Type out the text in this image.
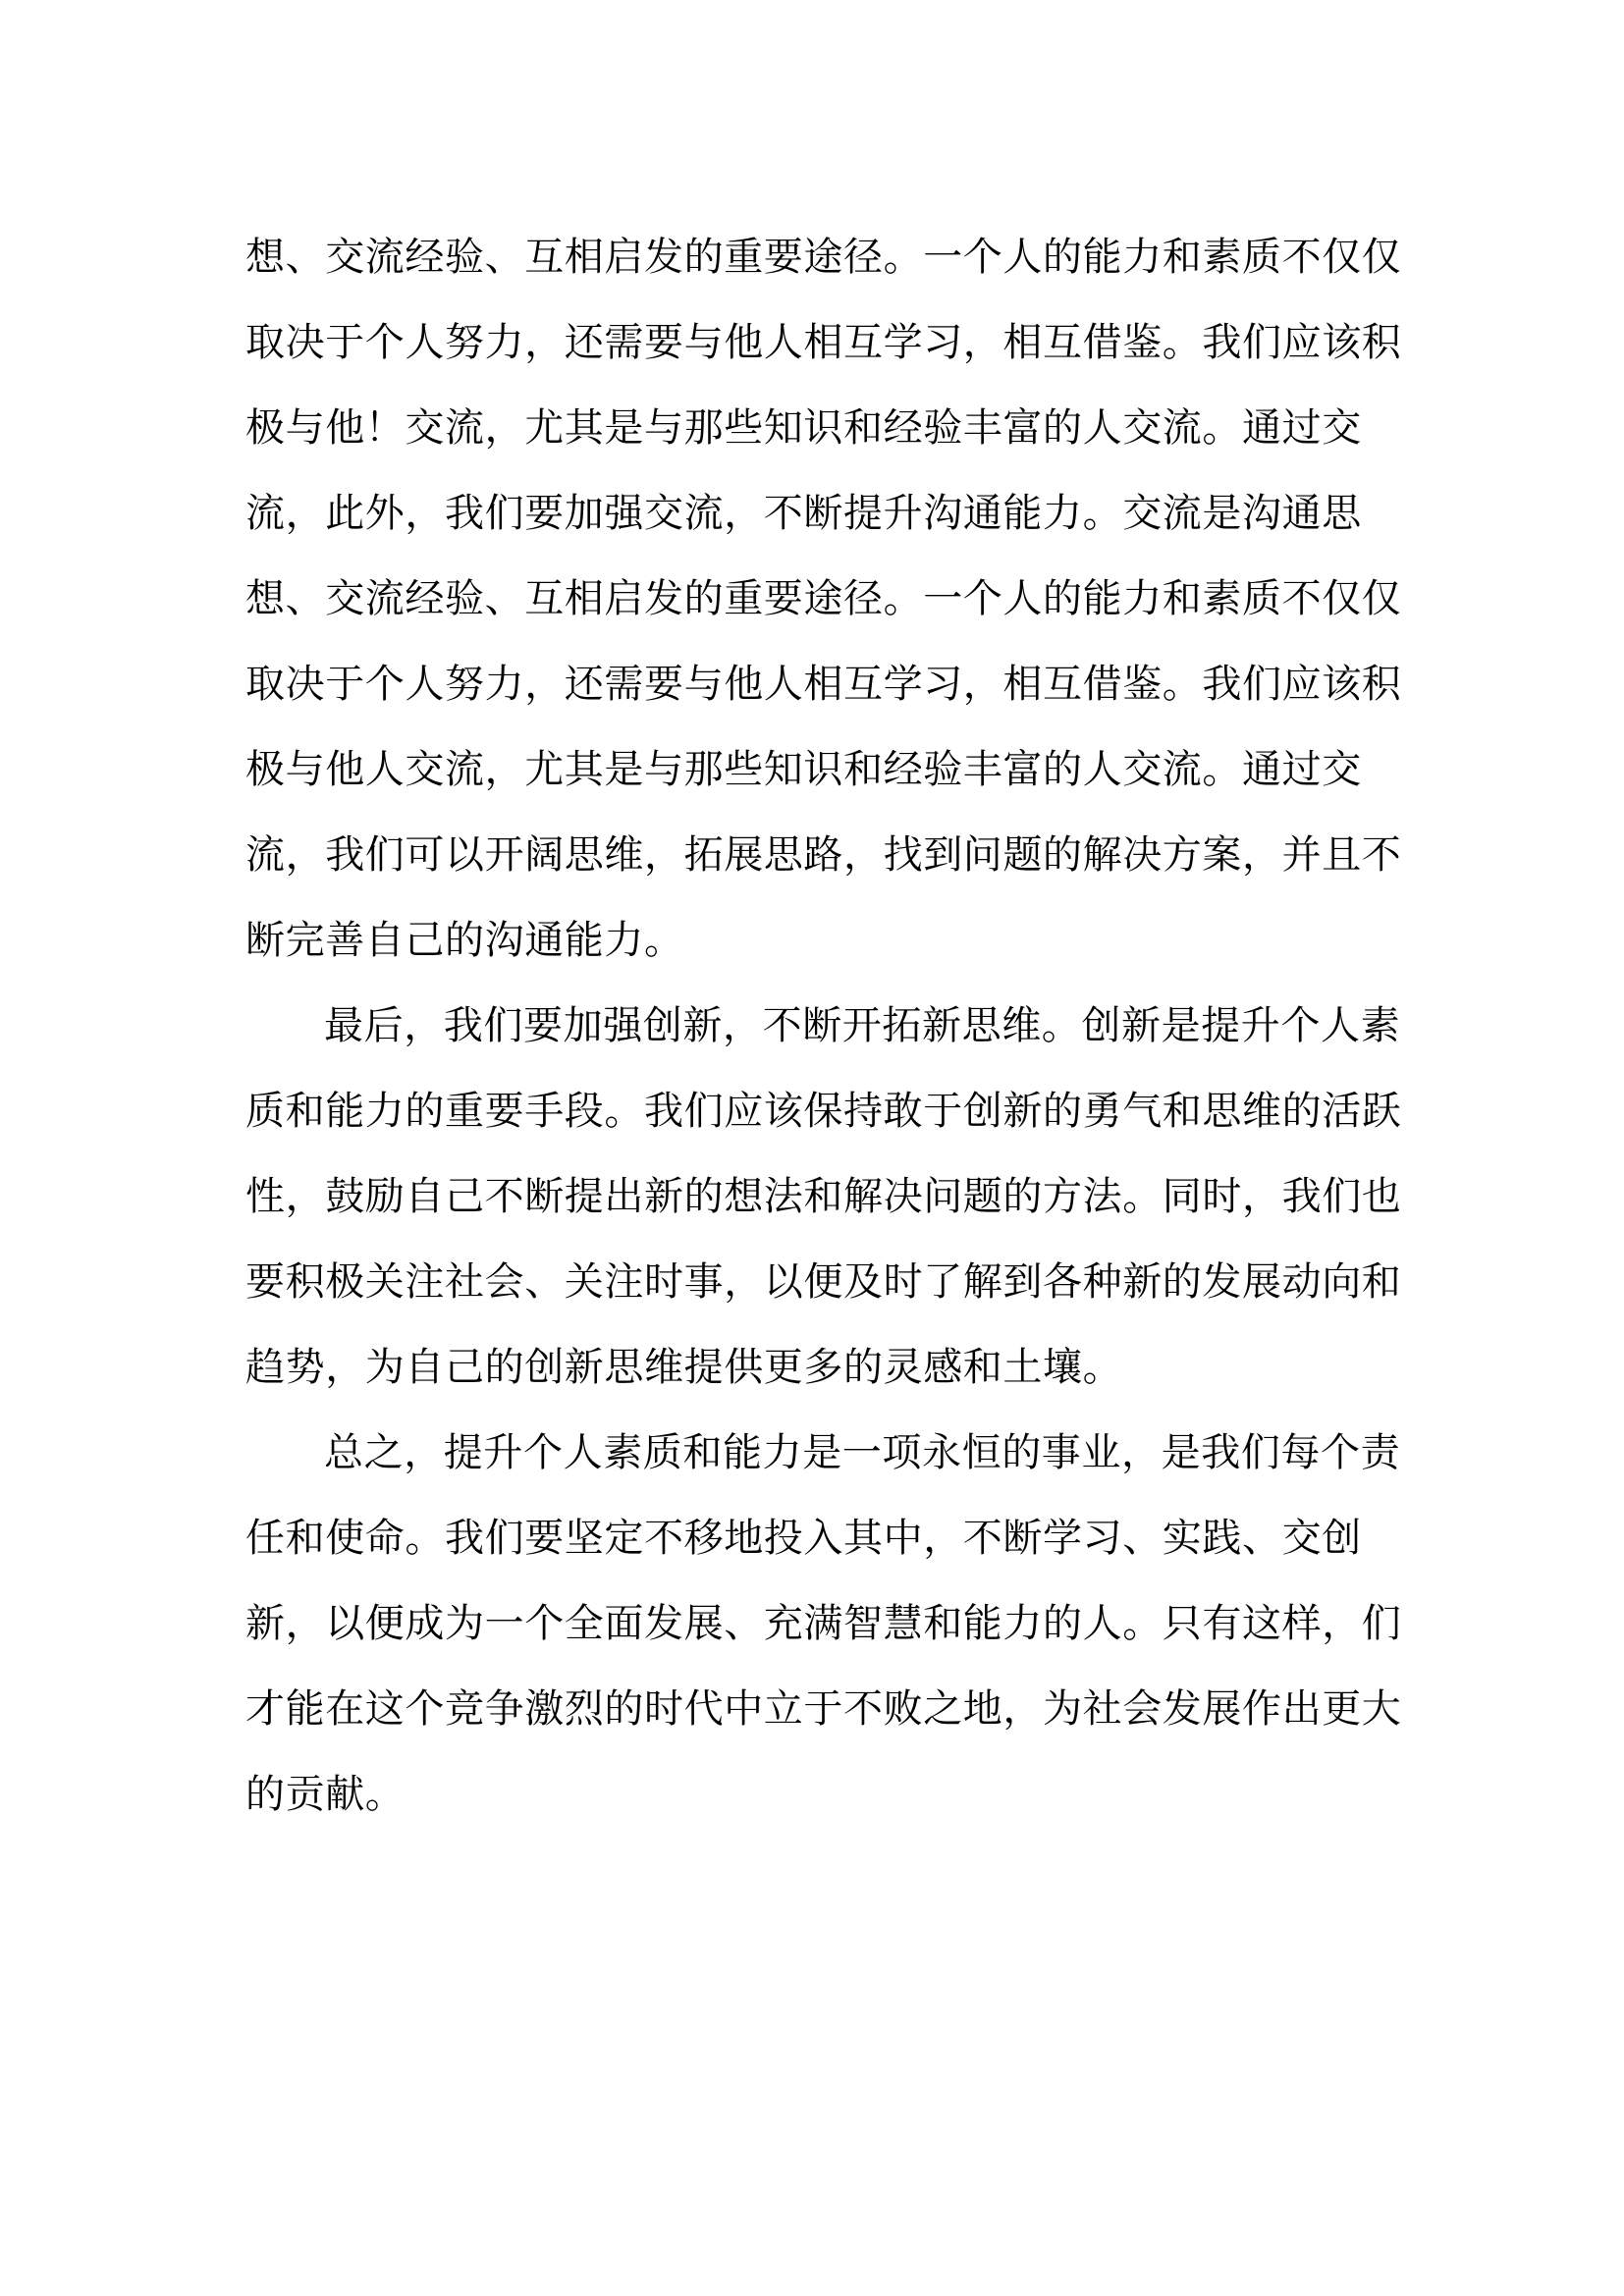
想、交流经验、互相启发的重要途径。一个人的能力和素质不仅仅
取决于个人努力，还需要与他人相互学习，相互借鉴。我们应该积
极与他！交流，尤其是与那些知识和经验丰富的人交流。通过交
流，此外，我们要加强交流，不断提升沟通能力。交流是沟通思
想、交流经验、互相启发的重要途径。一个人的能力和素质不仅仅
取决于个人努力，还需要与他人相互学习，相互借鉴。我们应该积
极与他人交流，尤其是与那些知识和经验丰富的人交流。通过交
流，我们可以开阔思维，拓展思路，找到问题的解决方案，并且不
断完善自己的沟通能力。
最后，我们要加强创新，不断开拓新思维。创新是提升个人素
质和能力的重要手段。我们应该保持敢于创新的勇气和思维的活跃
性，鼓励自己不断提出新的想法和解决问题的方法。同时，我们也
要积极关注社会、关注时事，以便及时了解到各种新的发展动向和
趋势，为自己的创新思维提供更多的灵感和土壤。
总之，提升个人素质和能力是一项永恒的事业，是我们每个责
任和使命。我们要坚定不移地投入其中，不断学习、实践、交创
新，以便成为一个全面发展、充满智慧和能力的人。只有这样，们
才能在这个竞争激烈的时代中立于不败之地，为社会发展作出更大
的贡献。
